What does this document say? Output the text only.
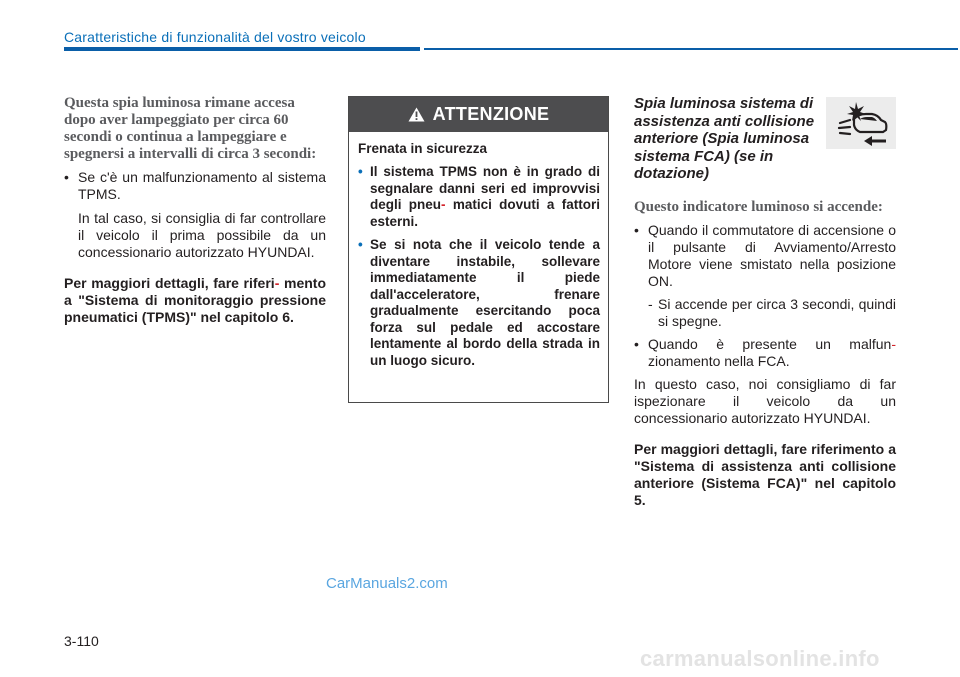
Caratteristiche di funzionalità del vostro veicolo

Questa spia luminosa rimane accesa dopo aver lampeggiato per circa 60 secondi o continua a lampeggiare e spegnersi a intervalli di circa 3 secondi:

• Se c'è un malfunzionamento al sistema TPMS.

In tal caso, si consiglia di far controllare il veicolo il prima possibile da un concessionario autorizzato HYUNDAI.

Per maggiori dettagli, fare riferi- mento a "Sistema di monitoraggio pressione pneumatici (TPMS)" nel capitolo 6.

ATTENZIONE

Frenata in sicurezza

• Il sistema TPMS non è in grado di segnalare danni seri ed improvvisi degli pneu- matici dovuti a fattori esterni.
• Se si nota che il veicolo tende a diventare instabile, sollevare immediatamente il piede dall'acceleratore, frenare gradualmente esercitando poca forza sul pedale ed accostare lentamente al bordo della strada in un luogo sicuro.

Spia luminosa sistema di assistenza anti collisione anteriore (Spia luminosa sistema FCA) (se in dotazione)

Questo indicatore luminoso si accende:

• Quando il commutatore di accensione o il pulsante di Avviamento/Arresto Motore viene smistato nella posizione ON.

- Si accende per circa 3 secondi, quindi si spegne.

• Quando è presente un malfun- zionamento nella FCA.

In questo caso, noi consigliamo di far ispezionare il veicolo da un concessionario autorizzato HYUNDAI.

Per maggiori dettagli, fare riferimento a "Sistema di assistenza anti collisione anteriore (Sistema FCA)" nel capitolo 5.

CarManuals2.com
3-110
carmanualsonline.info
